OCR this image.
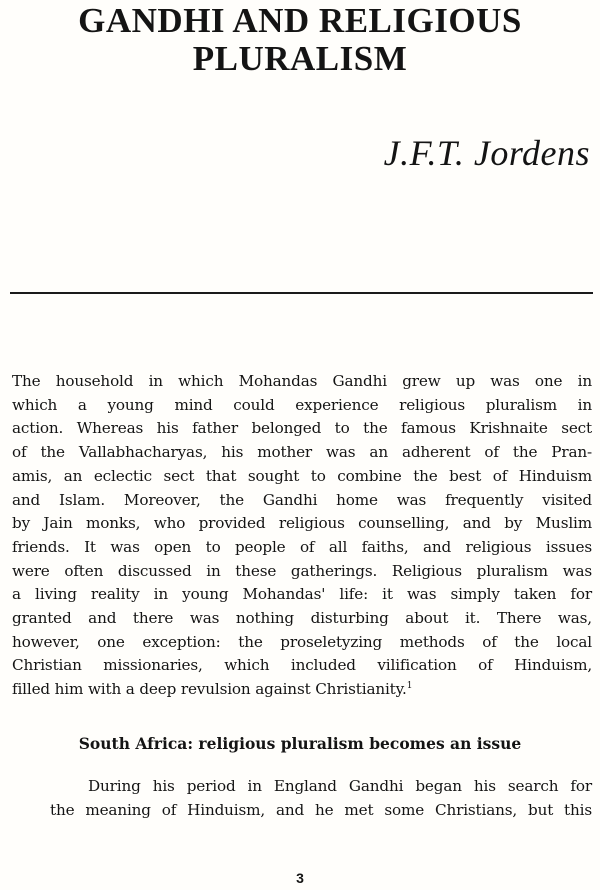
GANDHI AND RELIGIOUS
PLURALISM

J.F.T. Jordens

The household in which Mohandas Gandhi grew up was one in
which a young mind could experience religious pluralism in
action. Whereas his father belonged to the famous Krishnaite sect
of the Vallabhacharyas, his mother was an adherent of the Pran-
amis, an eclectic sect that sought to combine the best of Hinduism
and Islam. Moreover, the Gandhi home was frequently visited
by Jain monks, who provided religious counselling, and by Muslim
friends. It was open to people of all faiths, and religious issues
were often discussed in these gatherings. Religious pluralism was
a living reality in young Mohandas' life: it was simply taken for
granted and there was nothing disturbing about it. There was,
however, one exception: the proseletyzing methods of the local
Christian missionaries, which included vilification of Hinduism,
filled him with a deep revulsion against Christianity.$^1$
South Africa: religious pluralism becomes an issue
During his period in England Gandhi began his search for
the meaning of Hinduism, and he met some Christians, but this
3
